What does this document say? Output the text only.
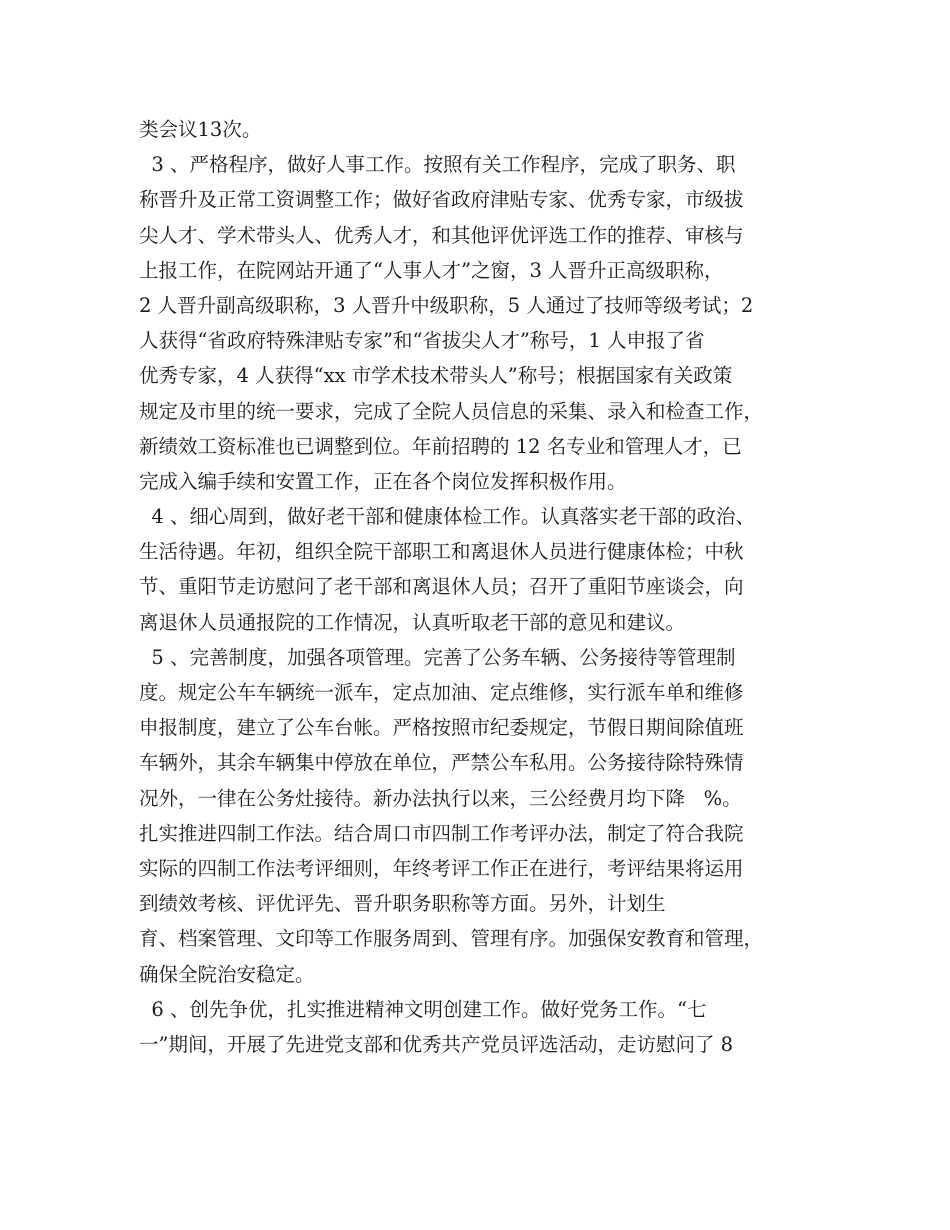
类会议13次。
3 、严格程序，做好人事工作。按照有关工作程序，完成了职务、职
称晋升及正常工资调整工作；做好省政府津贴专家、优秀专家，市级拔
尖人才、学术带头人、优秀人才，和其他评优评选工作的推荐、审核与
上报工作，在院网站开通了“人事人才”之窗，3 人晋升正高级职称，
2 人晋升副高级职称，3 人晋升中级职称，5 人通过了技师等级考试；2
人获得“省政府特殊津贴专家”和“省拔尖人才”称号，1 人申报了省
优秀专家，4 人获得“xx 市学术技术带头人”称号；根据国家有关政策
规定及市里的统一要求，完成了全院人员信息的采集、录入和检查工作，
新绩效工资标准也已调整到位。年前招聘的 12 名专业和管理人才，已
完成入编手续和安置工作，正在各个岗位发挥积极作用。
4 、细心周到，做好老干部和健康体检工作。认真落实老干部的政治、
生活待遇。年初，组织全院干部职工和离退休人员进行健康体检；中秋
节、重阳节走访慰问了老干部和离退休人员；召开了重阳节座谈会，向
离退休人员通报院的工作情况，认真听取老干部的意见和建议。
5 、完善制度，加强各项管理。完善了公务车辆、公务接待等管理制
度。规定公车车辆统一派车，定点加油、定点维修，实行派车单和维修
申报制度，建立了公车台帐。严格按照市纪委规定，节假日期间除值班
车辆外，其余车辆集中停放在单位，严禁公车私用。公务接待除特殊情
况外，一律在公务灶接待。新办法执行以来，三公经费月均下降   %。
扎实推进四制工作法。结合周口市四制工作考评办法，制定了符合我院
实际的四制工作法考评细则，年终考评工作正在进行，考评结果将运用
到绩效考核、评优评先、晋升职务职称等方面。另外，计划生
育、档案管理、文印等工作服务周到、管理有序。加强保安教育和管理，
确保全院治安稳定。
6 、创先争优，扎实推进精神文明创建工作。做好党务工作。“七
一”期间，开展了先进党支部和优秀共产党员评选活动，走访慰问了 8
